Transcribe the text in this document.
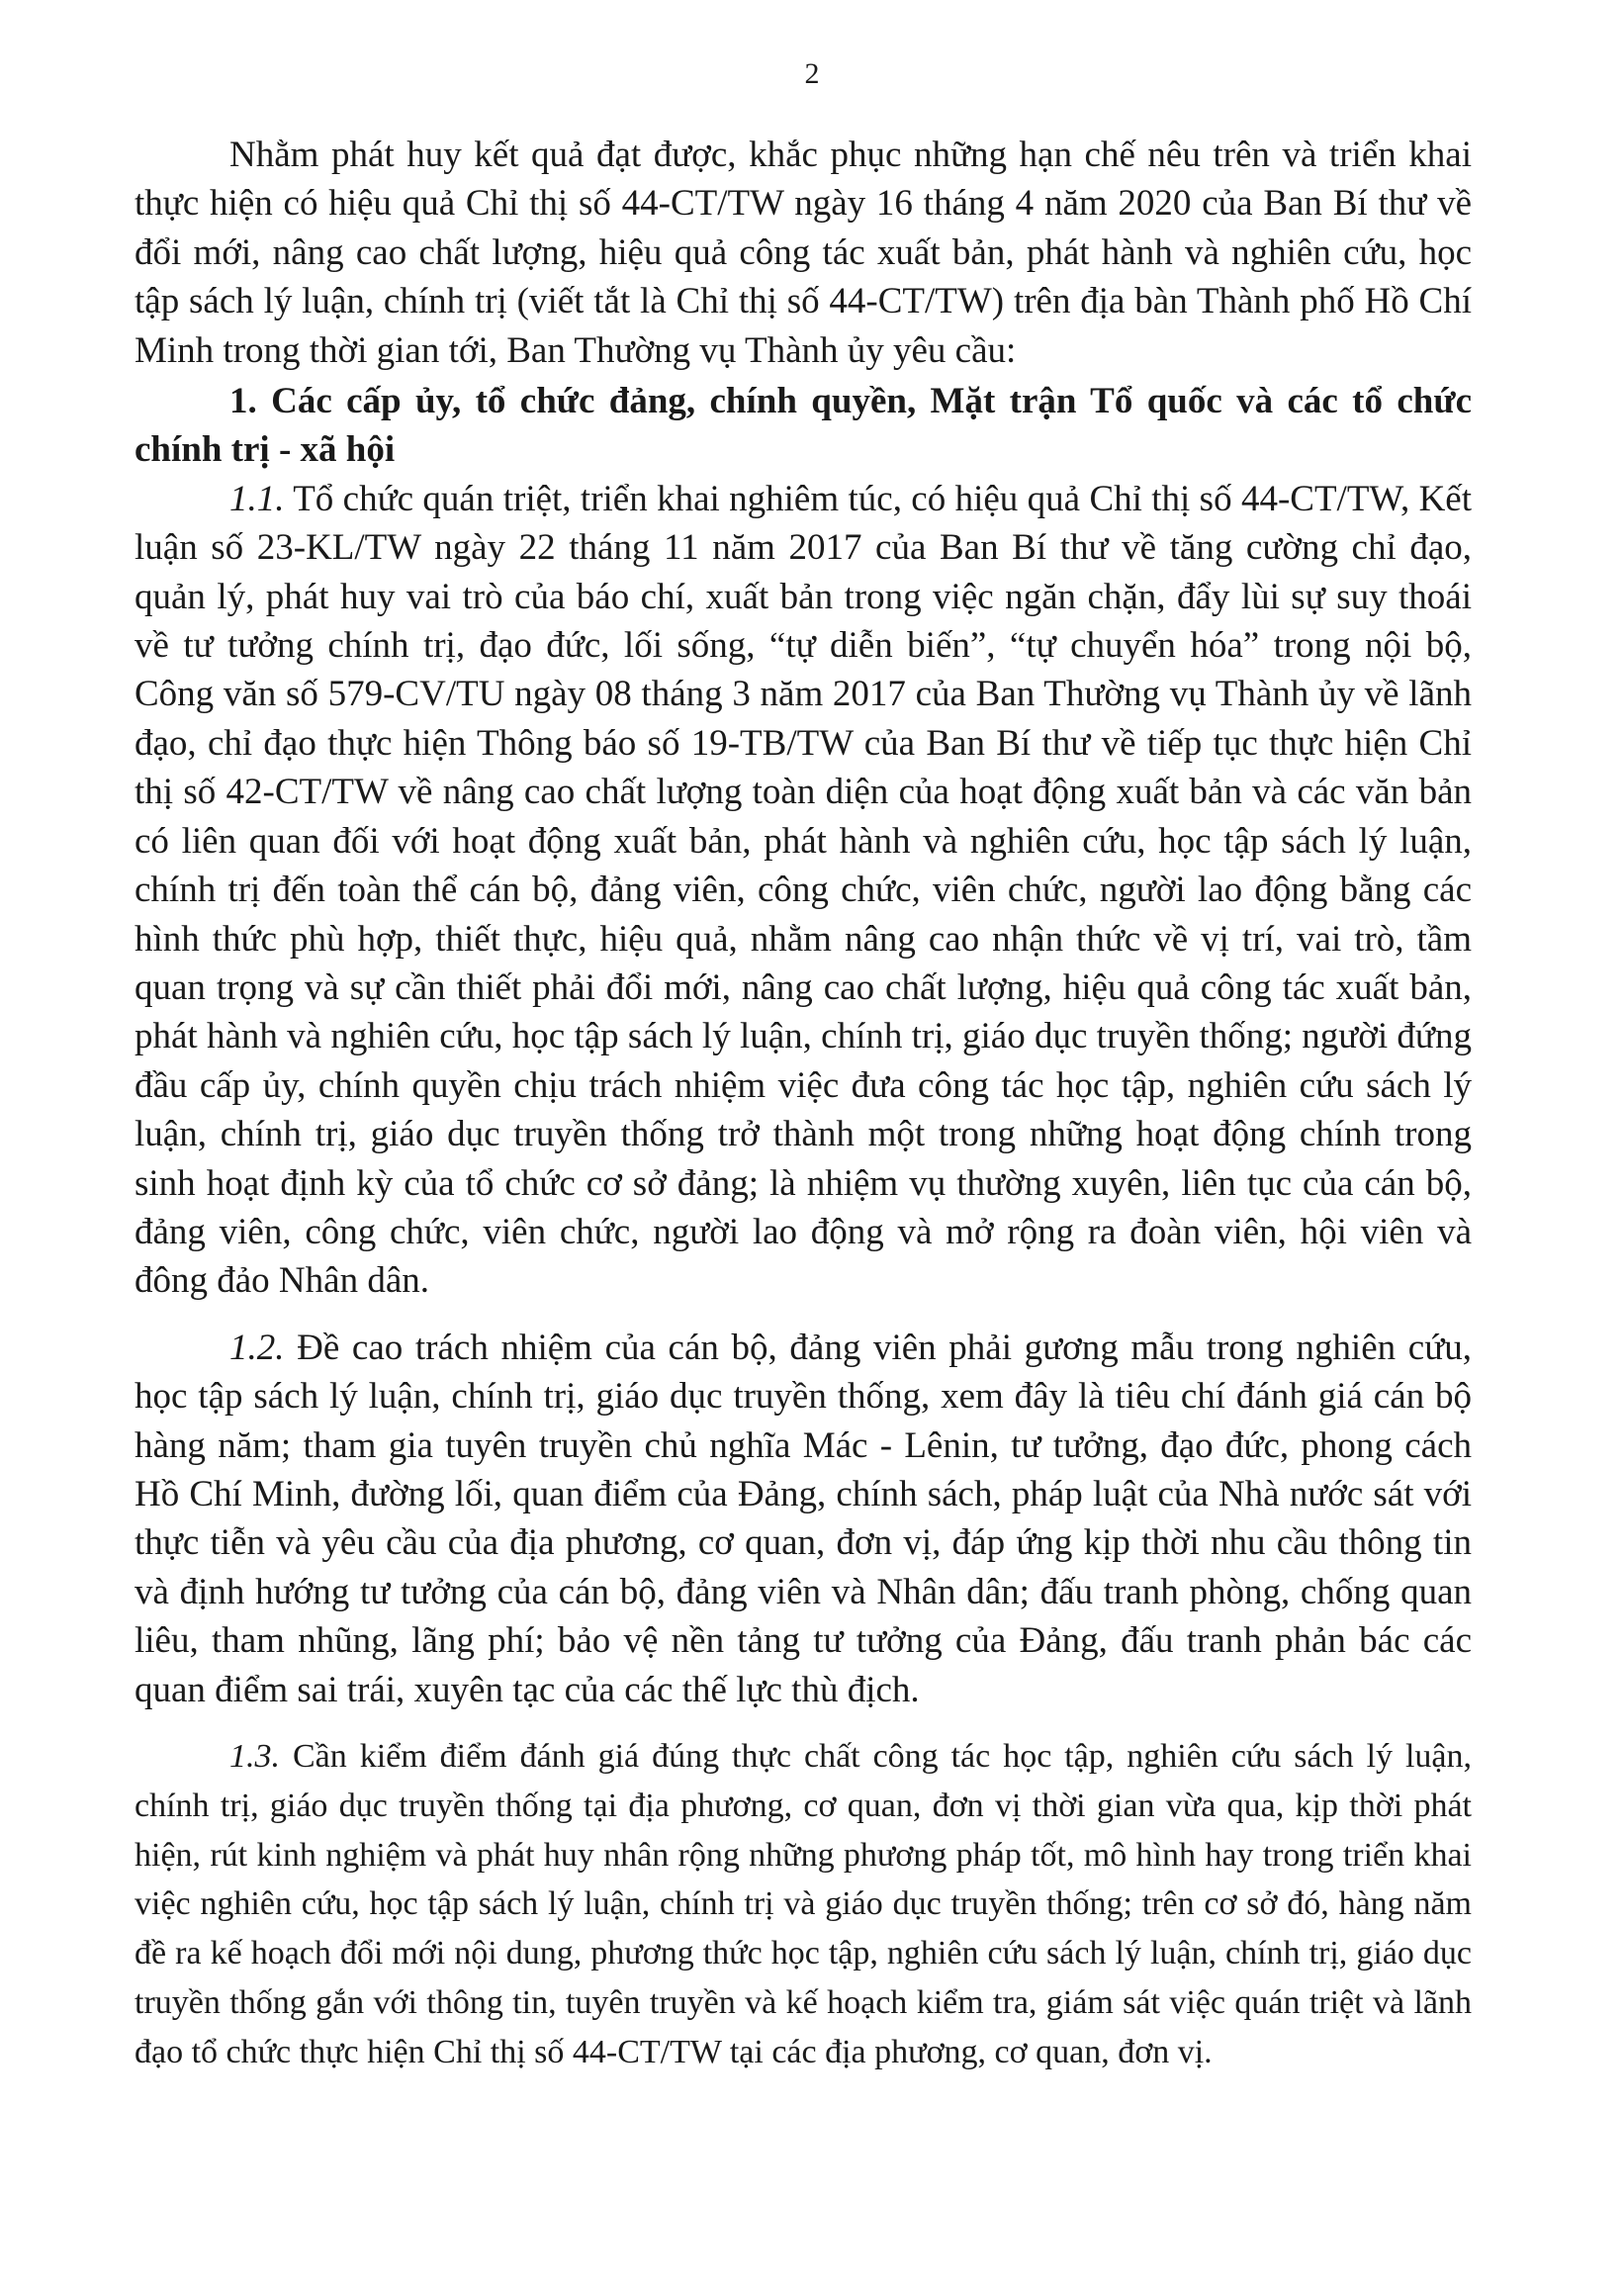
2

Nhằm phát huy kết quả đạt được, khắc phục những hạn chế nêu trên và triển khai thực hiện có hiệu quả Chỉ thị số 44-CT/TW ngày 16 tháng 4 năm 2020 của Ban Bí thư về đổi mới, nâng cao chất lượng, hiệu quả công tác xuất bản, phát hành và nghiên cứu, học tập sách lý luận, chính trị (viết tắt là Chỉ thị số 44-CT/TW) trên địa bàn Thành phố Hồ Chí Minh trong thời gian tới, Ban Thường vụ Thành ủy yêu cầu:

1. Các cấp ủy, tổ chức đảng, chính quyền, Mặt trận Tổ quốc và các tổ chức chính trị - xã hội

1.1. Tổ chức quán triệt, triển khai nghiêm túc, có hiệu quả Chỉ thị số 44-CT/TW, Kết luận số 23-KL/TW ngày 22 tháng 11 năm 2017 của Ban Bí thư về tăng cường chỉ đạo, quản lý, phát huy vai trò của báo chí, xuất bản trong việc ngăn chặn, đẩy lùi sự suy thoái về tư tưởng chính trị, đạo đức, lối sống, “tự diễn biến”, “tự chuyển hóa” trong nội bộ, Công văn số 579-CV/TU ngày 08 tháng 3 năm 2017 của Ban Thường vụ Thành ủy về lãnh đạo, chỉ đạo thực hiện Thông báo số 19-TB/TW của Ban Bí thư về tiếp tục thực hiện Chỉ thị số 42-CT/TW về nâng cao chất lượng toàn diện của hoạt động xuất bản và các văn bản có liên quan đối với hoạt động xuất bản, phát hành và nghiên cứu, học tập sách lý luận, chính trị đến toàn thể cán bộ, đảng viên, công chức, viên chức, người lao động bằng các hình thức phù hợp, thiết thực, hiệu quả, nhằm nâng cao nhận thức về vị trí, vai trò, tầm quan trọng và sự cần thiết phải đổi mới, nâng cao chất lượng, hiệu quả công tác xuất bản, phát hành và nghiên cứu, học tập sách lý luận, chính trị, giáo dục truyền thống; người đứng đầu cấp ủy, chính quyền chịu trách nhiệm việc đưa công tác học tập, nghiên cứu sách lý luận, chính trị, giáo dục truyền thống trở thành một trong những hoạt động chính trong sinh hoạt định kỳ của tổ chức cơ sở đảng; là nhiệm vụ thường xuyên, liên tục của cán bộ, đảng viên, công chức, viên chức, người lao động và mở rộng ra đoàn viên, hội viên và đông đảo Nhân dân.

1.2. Đề cao trách nhiệm của cán bộ, đảng viên phải gương mẫu trong nghiên cứu, học tập sách lý luận, chính trị, giáo dục truyền thống, xem đây là tiêu chí đánh giá cán bộ hàng năm; tham gia tuyên truyền chủ nghĩa Mác - Lênin, tư tưởng, đạo đức, phong cách Hồ Chí Minh, đường lối, quan điểm của Đảng, chính sách, pháp luật của Nhà nước sát với thực tiễn và yêu cầu của địa phương, cơ quan, đơn vị, đáp ứng kịp thời nhu cầu thông tin và định hướng tư tưởng của cán bộ, đảng viên và Nhân dân; đấu tranh phòng, chống quan liêu, tham nhũng, lãng phí; bảo vệ nền tảng tư tưởng của Đảng, đấu tranh phản bác các quan điểm sai trái, xuyên tạc của các thế lực thù địch.

1.3. Cần kiểm điểm đánh giá đúng thực chất công tác học tập, nghiên cứu sách lý luận, chính trị, giáo dục truyền thống tại địa phương, cơ quan, đơn vị thời gian vừa qua, kịp thời phát hiện, rút kinh nghiệm và phát huy nhân rộng những phương pháp tốt, mô hình hay trong triển khai việc nghiên cứu, học tập sách lý luận, chính trị và giáo dục truyền thống; trên cơ sở đó, hàng năm đề ra kế hoạch đổi mới nội dung, phương thức học tập, nghiên cứu sách lý luận, chính trị, giáo dục truyền thống gắn với thông tin, tuyên truyền và kế hoạch kiểm tra, giám sát việc quán triệt và lãnh đạo tổ chức thực hiện Chỉ thị số 44-CT/TW tại các địa phương, cơ quan, đơn vị.
